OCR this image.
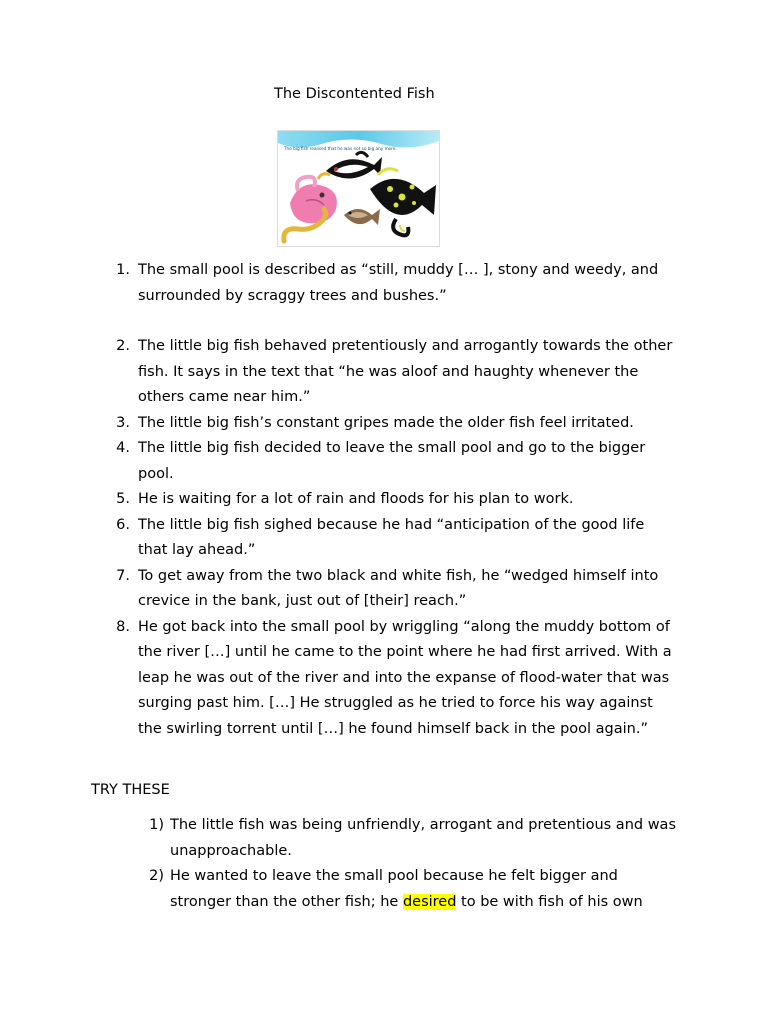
The Discontented Fish
The big fish realised that he was not so big any more.
1. The small pool is described as “still, muddy [… ], stony and weedy, and surrounded by scraggy trees and bushes.”
2. The little big fish behaved pretentiously and arrogantly towards the other fish. It says in the text that “he was aloof and haughty whenever the others came near him.”
3. The little big fish’s constant gripes made the older fish feel irritated.
4. The little big fish decided to leave the small pool and go to the bigger pool.
5. He is waiting for a lot of rain and floods for his plan to work.
6. The little big fish sighed because he had “anticipation of the good life that lay ahead.”
7. To get away from the two black and white fish, he “wedged himself into crevice in the bank, just out of [their] reach.”
8. He got back into the small pool by wriggling “along the muddy bottom of the river […] until he came to the point where he had first arrived. With a leap he was out of the river and into the expanse of flood-water that was surging past him. […] He struggled as he tried to force his way against the swirling torrent until […] he found himself back in the pool again.”
TRY THESE
1) The little fish was being unfriendly, arrogant and pretentious and was unapproachable.
2) He wanted to leave the small pool because he felt bigger and stronger than the other fish; he desired to be with fish of his own
